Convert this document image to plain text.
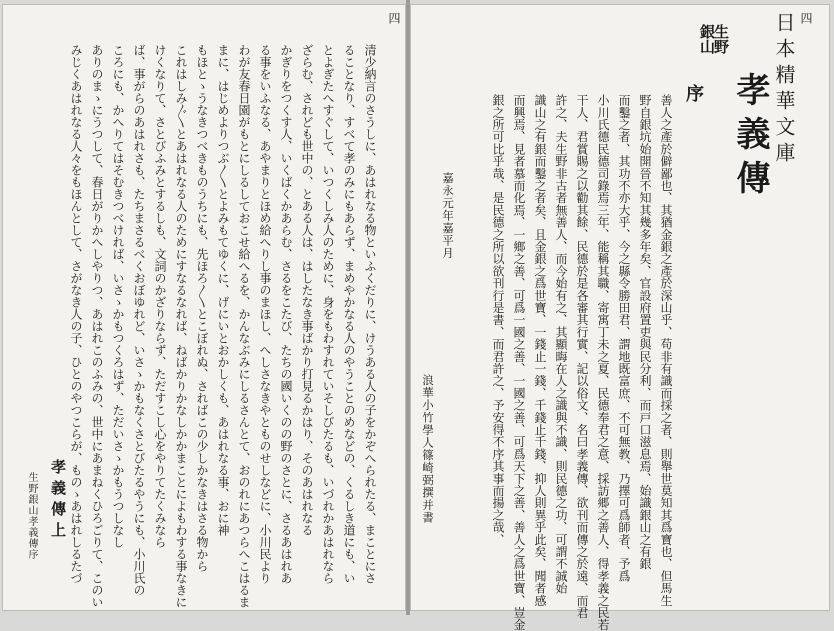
四
日本精華文庫
生野
銀山
孝義傳
序
善人之產於僻鄙也、其猶金銀之產於深山乎、苟非有識而採之者、則舉世莫知其爲寶也、但馬生
野自銀坑始開晉不知其幾多年矣、官設府置吏與民分利、而戸口滋息焉、始識銀山之有銀
而鑿之者、其功不亦大乎、今之縣令勝田君、謂地既富庶、不可無教、乃擇可爲師者、予爲
小川氏德民德司錄焉三年、能稱其職、寄寓丁未之夏、民德奉君之意、採訪郷之善人、得孝義之民若
干人、君賞賜之以勸其餘、民德於是各審其行實、記以俗文、名曰孝義傳、欲刊而傳之於遠、而君
許之、夫生野非古者無善人、而今始有之、其顯晦在人之識與不識、則民德之功、可謂不誠始
識山之有銀而鑿之者矣、且金銀之爲世寶、一錢止一錢、千錢止千錢、抑人則異乎此矣、聞者感
而興焉、見者慕而化焉、一鄉之善、可爲一國之善、一國之善、可爲天下之善、善人之爲世寶、豈金
銀之所可比乎哉、是民德之所以欲刊行是書、而君許之、予安得不序其事而揚之哉、
嘉永元年嘉平月
浪華小竹學人篠崎弼撰并書
四
清少納言のさうしに、あはれなる物といふくだりに、けうある人の子をかぞへられたる、まことにさ
ることなり、すべて孝のみにもあらず、まめやかなる人のやうことのめなどの、くるしき道にも、い
とよぎたへすぐして、いつくしみ人のために、身をもわすれていそしびたるも、いづれかあはれなら
ざらむ、されども世中の、とある人は、はしたなき事ばかり打見るかはり、そのあはれなる
かぎりをつくす人、いくばくかあらむ、さるをこたび、たちの國いくのの野のさとに、さるあはれあ
る事をいふなる、あやまりとほめ給へりし事のまほし、へしさなきやとものせしなどに、小川民より
わが友春日園がもとにしるしておこせ給へるを、かんなぶみにしるさんとて、おのれにあつらへこはるま
まに、はじめよりつぶ〳〵とよみもてゆくに、げにいとおかしくも、あはれなる事、おに神
もほとゝうなきつべきものうちにも、先ほろ〳〵とこぼれぬ、さればこの少しかなきはさる物から
これはしみ〴〵とあはれなる人のためにすなるなれば、ねばかりかなしかかまことによもわする事なきに
けくなりて、さとびふみとするしも、文詞のかざりならず、ただすこし心をやりてたくみなら
ば、事がらのあはれさも、たちまさるべくおぼゆれど、いさゝかもなくさとびたるやうにも、小川氏の
ころにも、かへりてはそむきつべければ、いさゝかもつくろはず、ただいさゝかもうつしなし
ありのまゝにうつして、春日がりかへしやりつ、あはれこのふみの、世中にあまねくひろごりて、このい
みじくあはれなる人々をもほんとして、さがなき人の子、ひとのやつこらが、ものゝあはれしるたづ
孝義傳上
生野銀山孝義傳序
